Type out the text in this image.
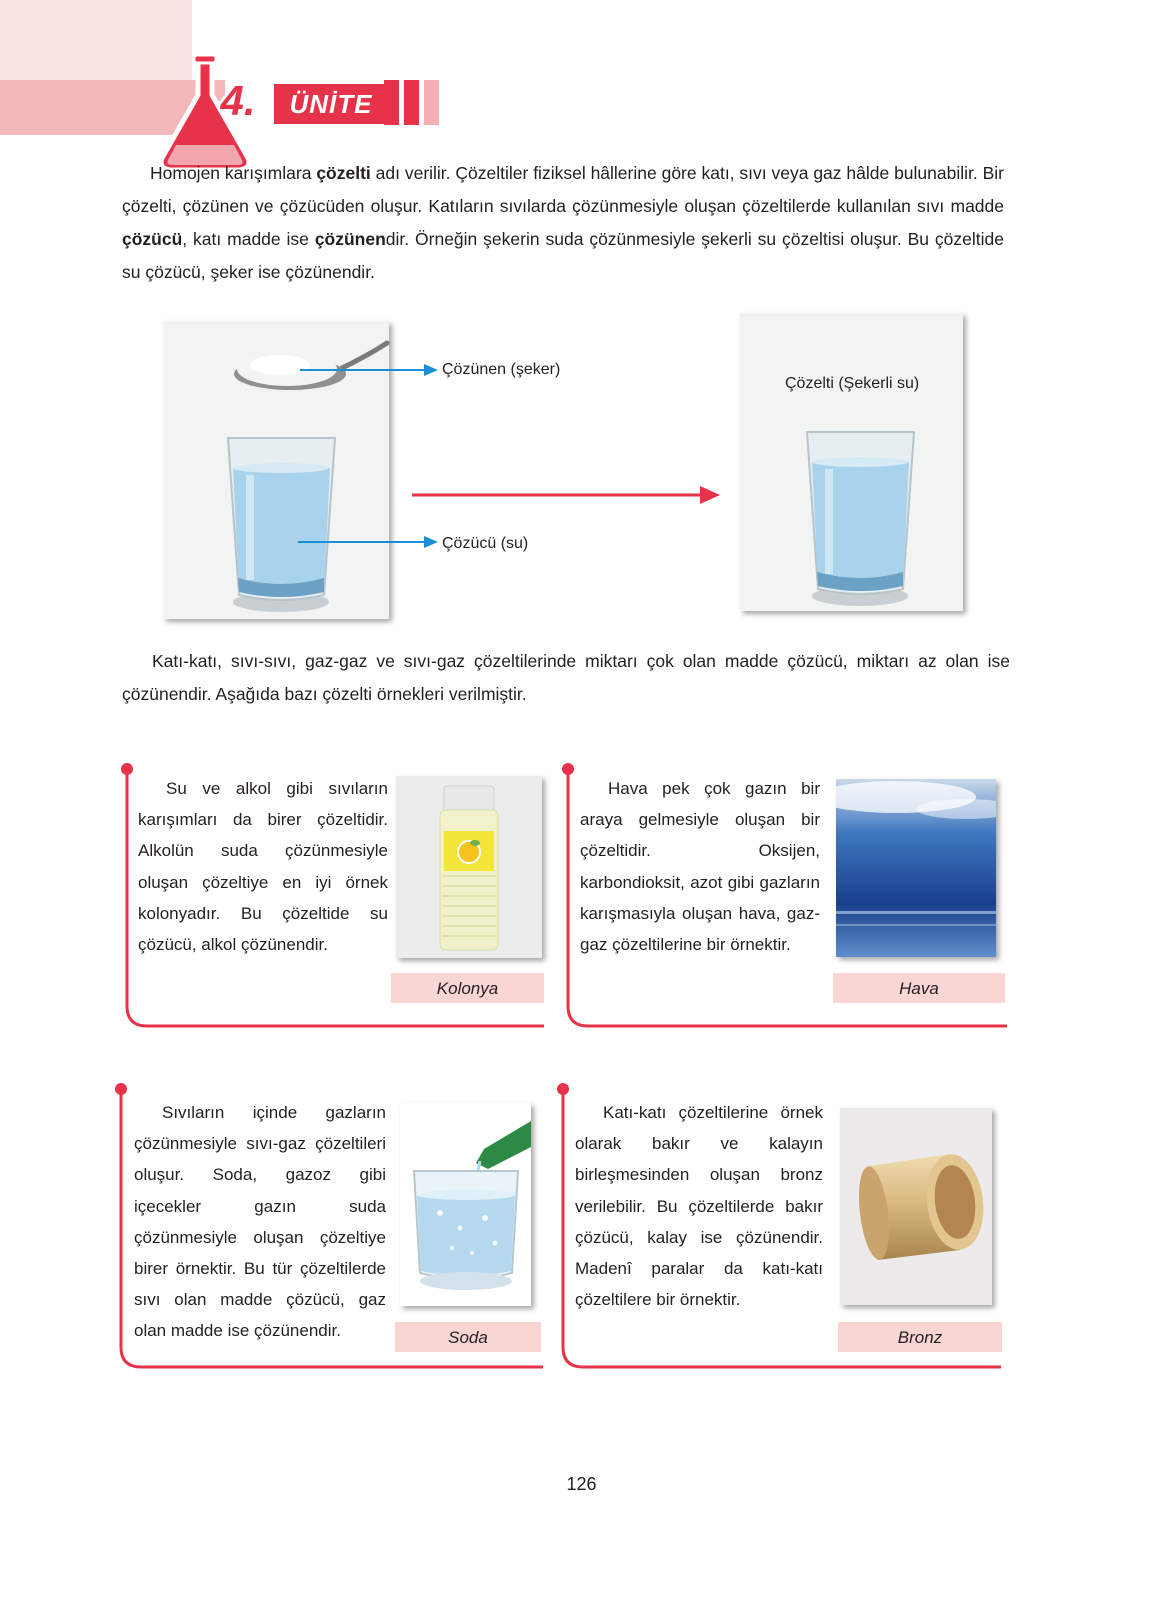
4.	ÜNİTE

Homojen karışımlara çözelti adı verilir. Çözeltiler fiziksel hâllerine göre katı, sıvı veya gaz hâlde bulunabilir. Bir çözelti, çözünen ve çözücüden oluşur. Katıların sıvılarda çözünmesiyle oluşan çözeltilerde kullanılan sıvı madde çözücü, katı madde ise çözünendir. Örneğin şekerin suda çözünmesiyle şekerli su çözeltisi oluşur. Bu çözeltide su çözücü, şeker ise çözünendir.

Çözünen (şeker)
Çözücü (su)
Çözelti (Şekerli su)

Katı-katı, sıvı-sıvı, gaz-gaz ve sıvı-gaz çözeltilerinde miktarı çok olan madde çözücü, miktarı az olan ise çözünendir. Aşağıda bazı çözelti örnekleri verilmiştir.

Su ve alkol gibi sıvıların karışımları da birer çözeltidir. Alkolün suda çözünmesiyle oluşan çözeltiye en iyi örnek kolonyadır. Bu çözeltide su çözücü, alkol çözünendir.
Kolonya
Hava pek çok gazın bir araya gelmesiyle oluşan bir çözeltidir. Oksijen, karbondioksit, azot gibi gazların karışmasıyla oluşan hava, gaz-gaz çözeltilerine bir örnektir.
Hava
Sıvıların içinde gazların çözünmesiyle sıvı-gaz çözeltileri oluşur. Soda, gazoz gibi içecekler gazın suda çözünmesiyle oluşan çözeltiye birer örnektir. Bu tür çözeltilerde sıvı olan madde çözücü, gaz olan madde ise çözünendir.	Soda
Katı-katı çözeltilerine örnek olarak bakır ve kalayın birleşmesinden oluşan bronz verilebilir. Bu çözeltilerde bakır çözücü, kalay ise çözünendir. Madenî paralar da katı-katı çözeltilere bir örnektir.
Bronz
126
